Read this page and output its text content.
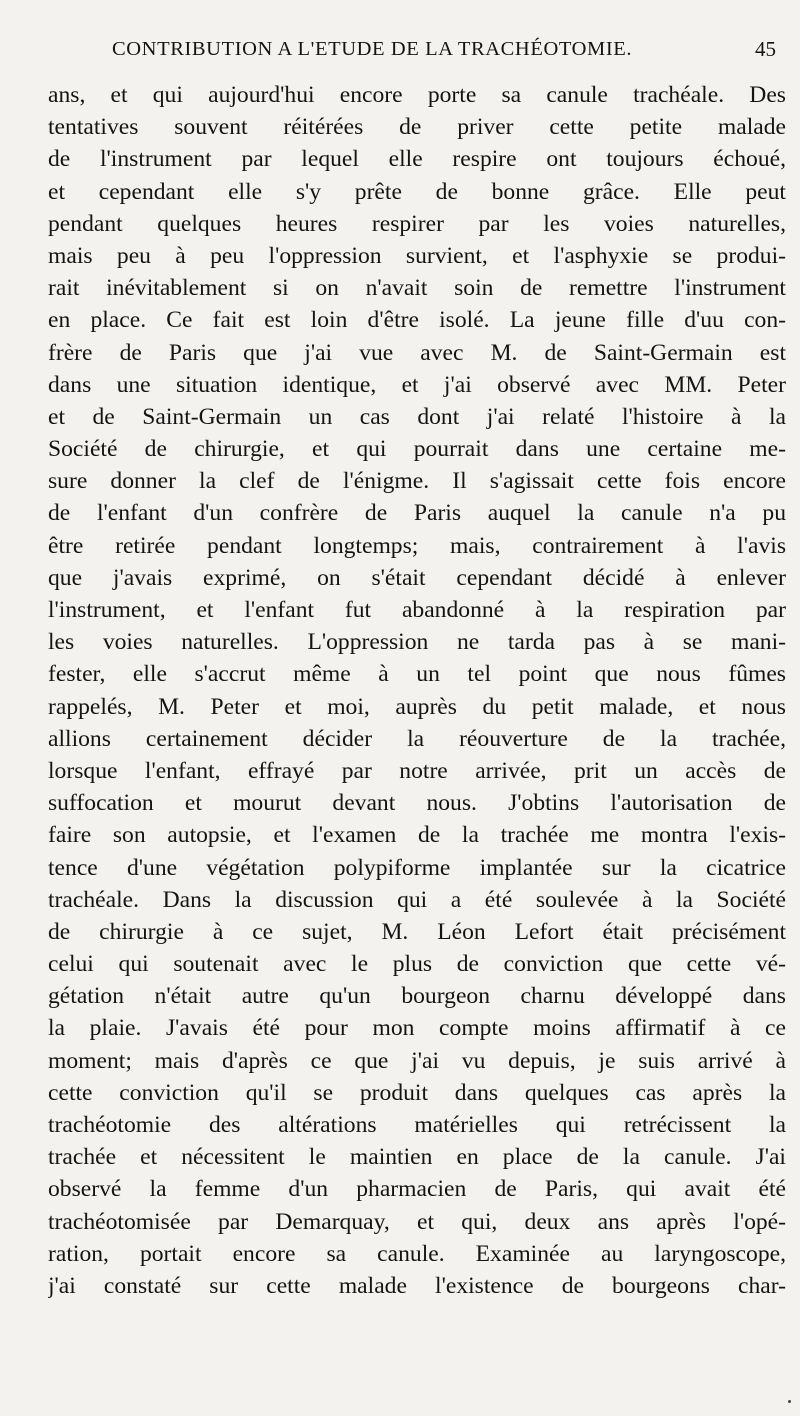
CONTRIBUTION A L'ETUDE DE LA TRACHÉOTOMIE.	45
ans, et qui aujourd'hui encore porte sa canule trachéale. Des
tentatives souvent réitérées de priver cette petite malade
de l'instrument par lequel elle respire ont toujours échoué,
et cependant elle s'y prête de bonne grâce. Elle peut
pendant quelques heures respirer par les voies naturelles,
mais peu à peu l'oppression survient, et l'asphyxie se produi-
rait inévitablement si on n'avait soin de remettre l'instrument
en place. Ce fait est loin d'être isolé. La jeune fille d'uu con-
frère de Paris que j'ai vue avec M. de Saint-Germain est
dans une situation identique, et j'ai observé avec MM. Peter
et de Saint-Germain un cas dont j'ai relaté l'histoire à la
Société de chirurgie, et qui pourrait dans une certaine me-
sure donner la clef de l'énigme. Il s'agissait cette fois encore
de l'enfant d'un confrère de Paris auquel la canule n'a pu
être retirée pendant longtemps; mais, contrairement à l'avis
que j'avais exprimé, on s'était cependant décidé à enlever
l'instrument, et l'enfant fut abandonné à la respiration par
les voies naturelles. L'oppression ne tarda pas à se mani-
fester, elle s'accrut même à un tel point que nous fûmes
rappelés, M. Peter et moi, auprès du petit malade, et nous
allions certainement décider la réouverture de la trachée,
lorsque l'enfant, effrayé par notre arrivée, prit un accès de
suffocation et mourut devant nous. J'obtins l'autorisation de
faire son autopsie, et l'examen de la trachée me montra l'exis-
tence d'une végétation polypiforme implantée sur la cicatrice
trachéale. Dans la discussion qui a été soulevée à la Société
de chirurgie à ce sujet, M. Léon Lefort était précisément
celui qui soutenait avec le plus de conviction que cette vé-
gétation n'était autre qu'un bourgeon charnu développé dans
la plaie. J'avais été pour mon compte moins affirmatif à ce
moment; mais d'après ce que j'ai vu depuis, je suis arrivé à
cette conviction qu'il se produit dans quelques cas après la
trachéotomie des altérations matérielles qui retrécissent la
trachée et nécessitent le maintien en place de la canule. J'ai
observé la femme d'un pharmacien de Paris, qui avait été
trachéotomisée par Demarquay, et qui, deux ans après l'opé-
ration, portait encore sa canule. Examinée au laryngoscope,
j'ai constaté sur cette malade l'existence de bourgeons char-
